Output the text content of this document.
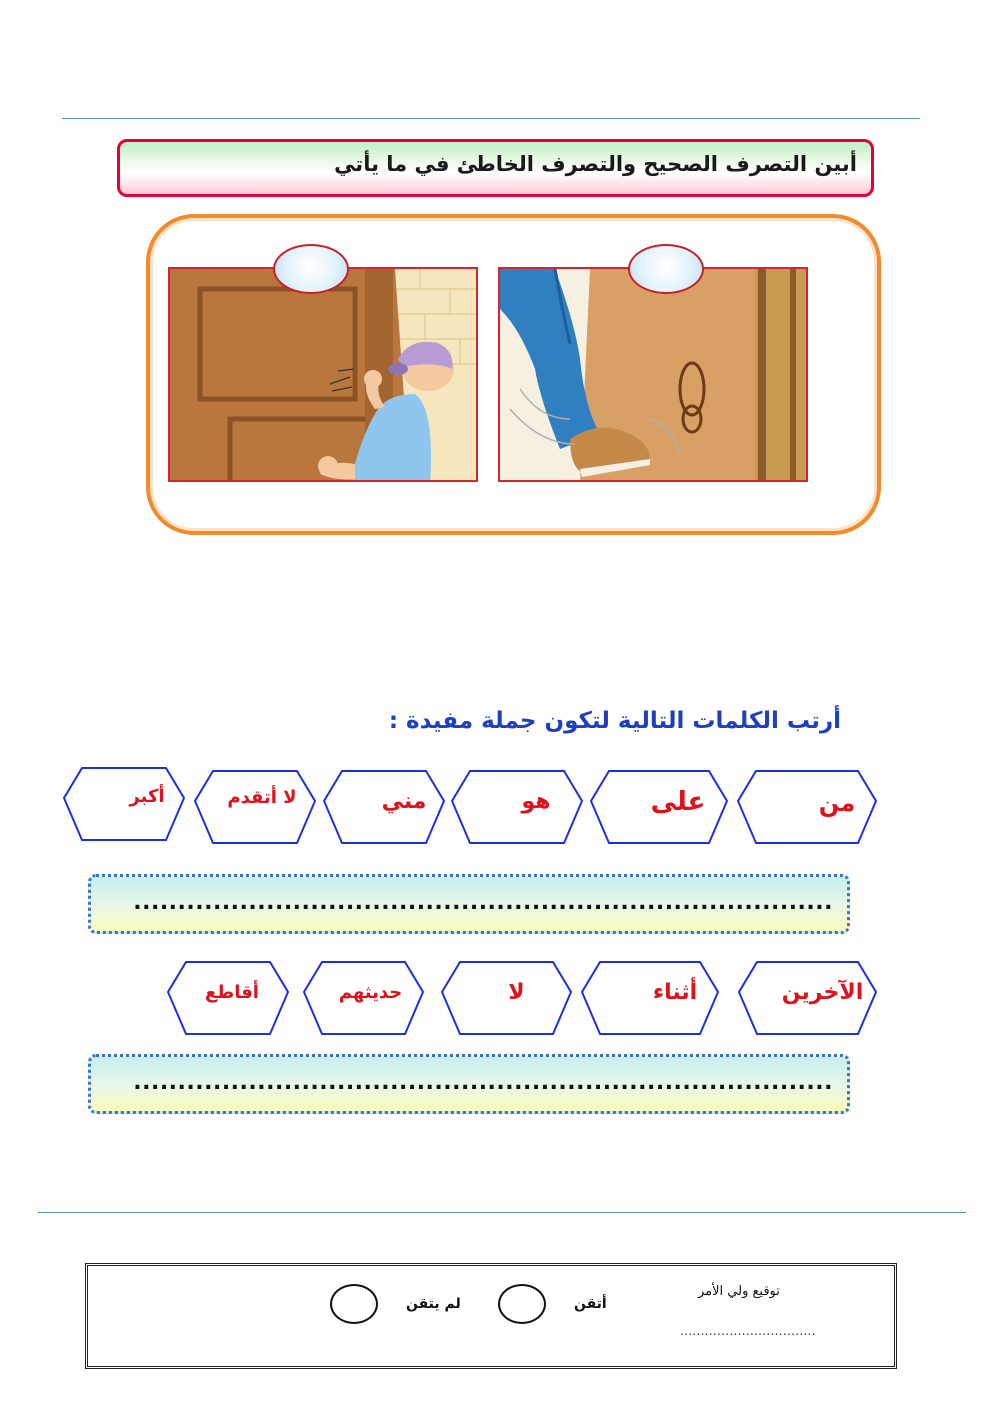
أبين التصرف الصحيح والتصرف الخاطئ في ما يأتي
أرتب الكلمات التالية لتكون جملة مفيدة :
من
على
هو
مني
لا أتقدم
أكبر
...............................................................................
الآخرين
أثناء
لا
حديثهم
أقاطع
...............................................................................
توقيع ولي الأمر
.................................
أتقن
لم يتقن
